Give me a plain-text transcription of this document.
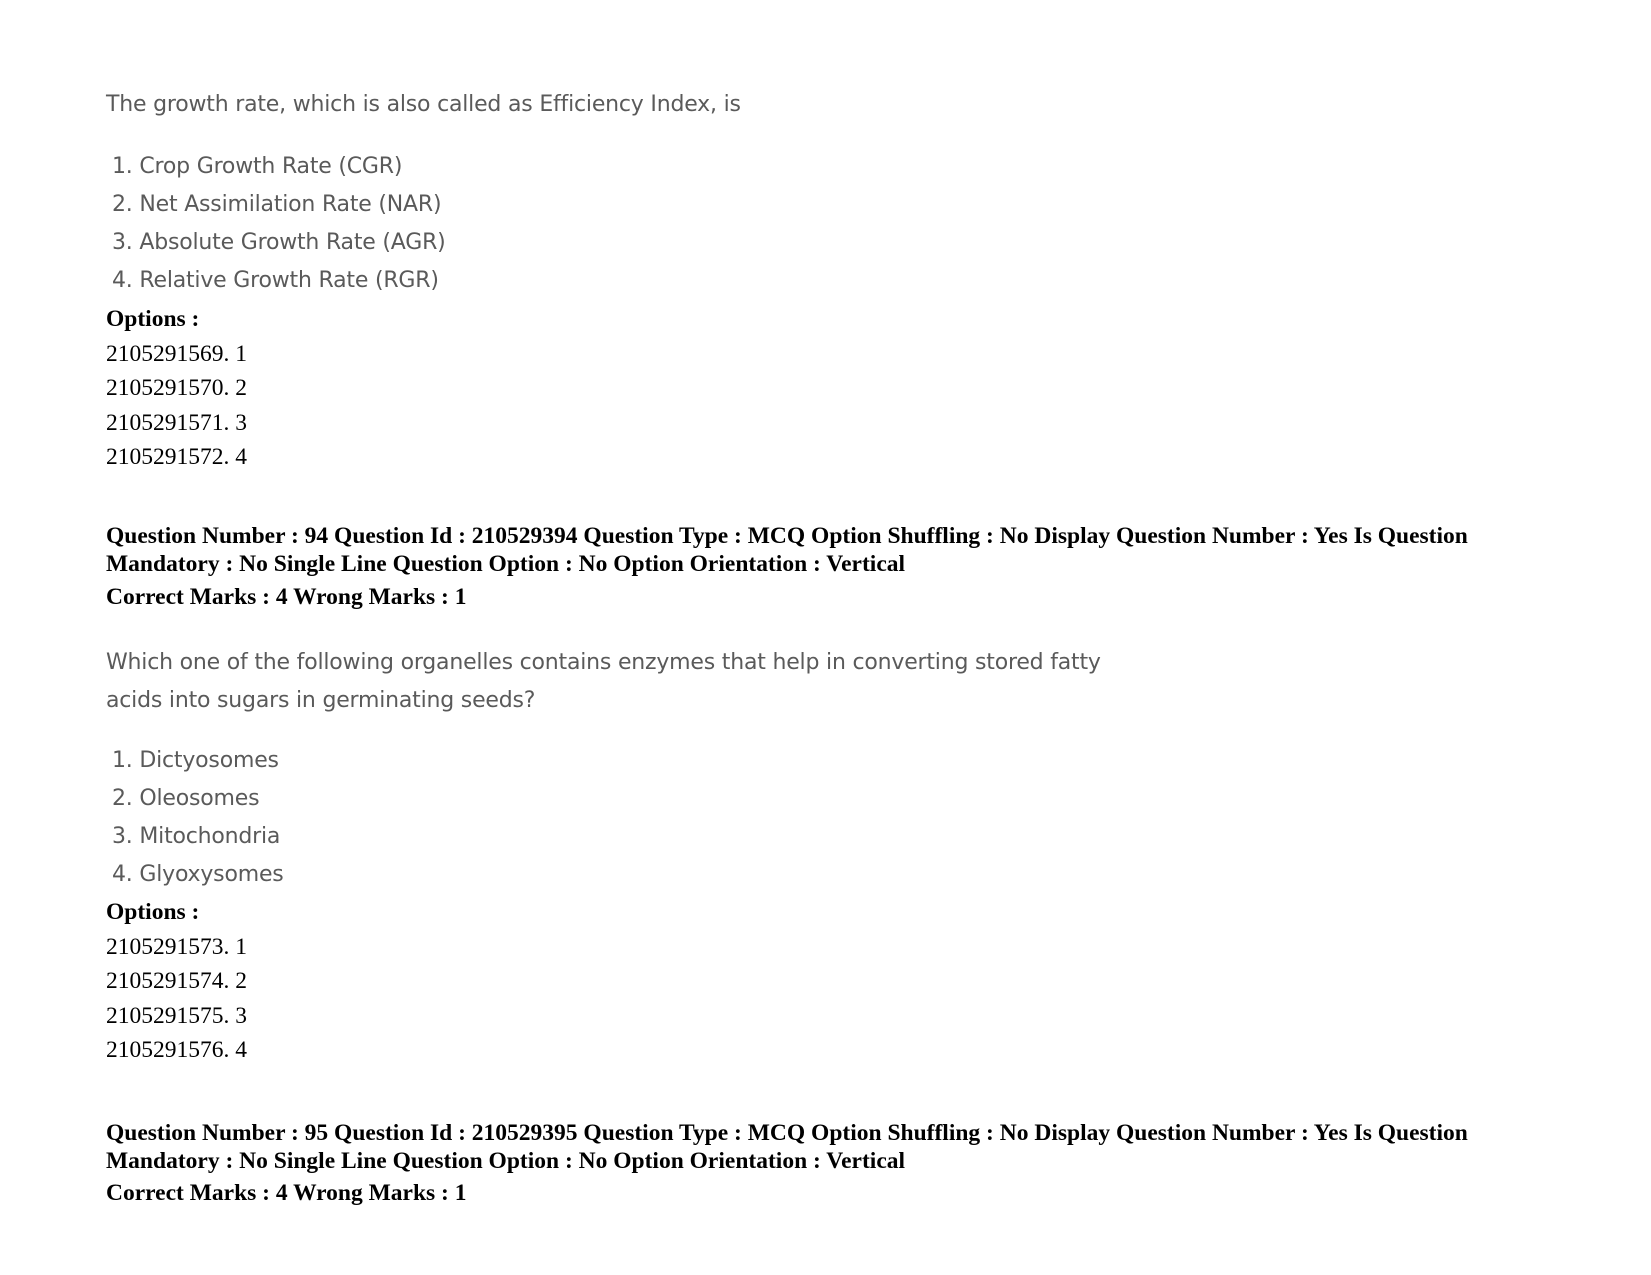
The growth rate, which is also called as Efficiency Index, is
1. Crop Growth Rate (CGR)
2. Net Assimilation Rate (NAR)
3. Absolute Growth Rate (AGR)
4. Relative Growth Rate (RGR)
Options :
2105291569. 1
2105291570. 2
2105291571. 3
2105291572. 4
Question Number : 94 Question Id : 210529394 Question Type : MCQ Option Shuffling : No Display Question Number : Yes Is Question
Mandatory : No Single Line Question Option : No Option Orientation : Vertical
Correct Marks : 4 Wrong Marks : 1
Which one of the following organelles contains enzymes that help in converting stored fatty
acids into sugars in germinating seeds?
1. Dictyosomes
2. Oleosomes
3. Mitochondria
4. Glyoxysomes
Options :
2105291573. 1
2105291574. 2
2105291575. 3
2105291576. 4
Question Number : 95 Question Id : 210529395 Question Type : MCQ Option Shuffling : No Display Question Number : Yes Is Question
Mandatory : No Single Line Question Option : No Option Orientation : Vertical
Correct Marks : 4 Wrong Marks : 1
